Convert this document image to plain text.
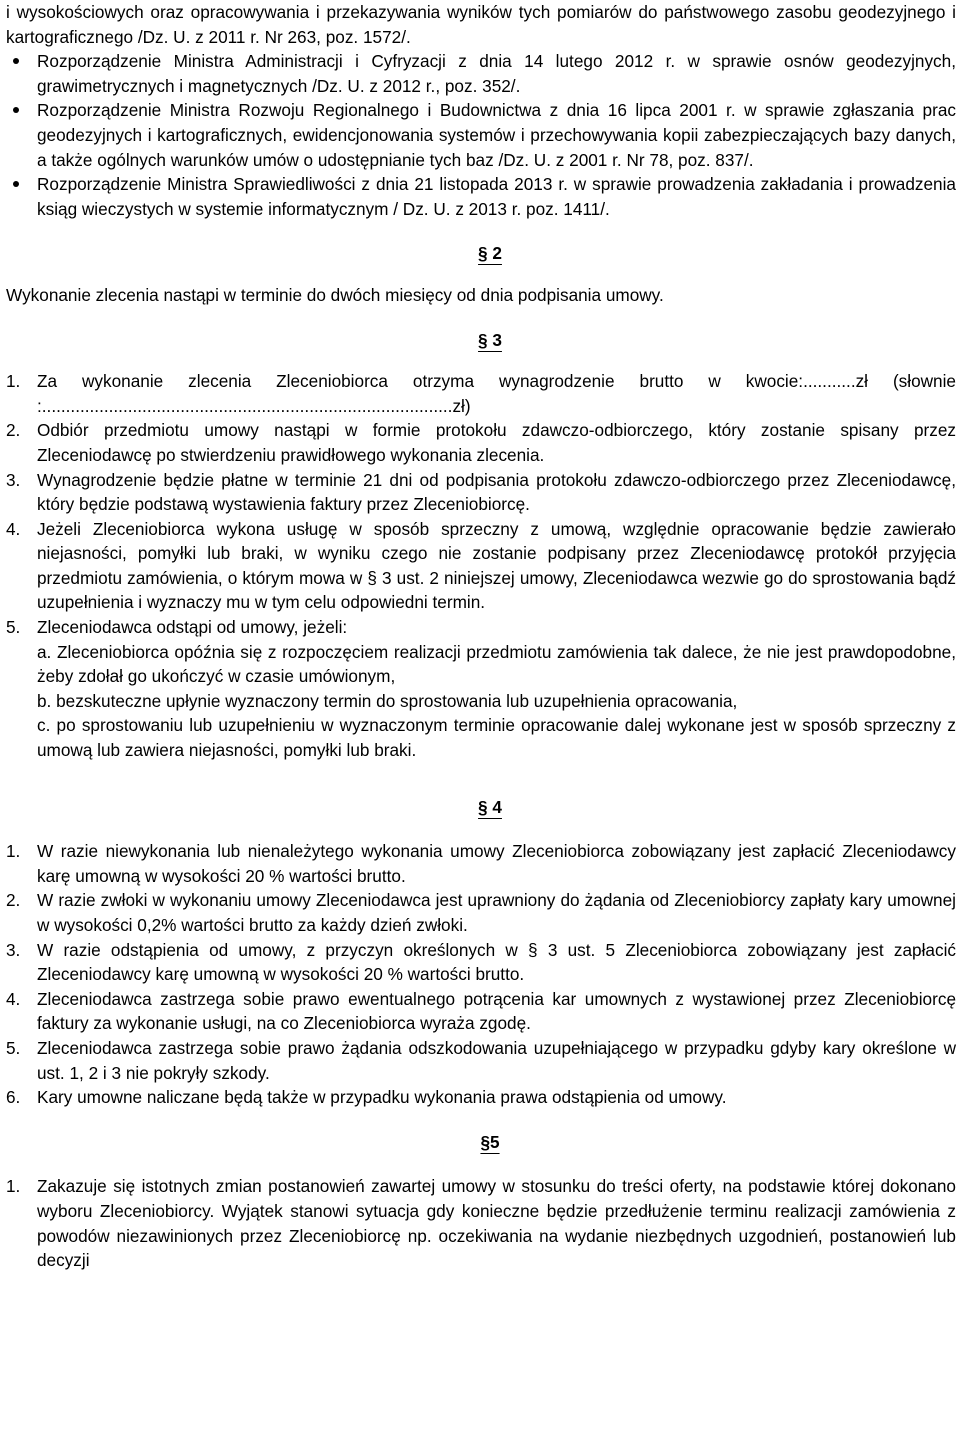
i wysokościowych oraz opracowywania i przekazywania wyników tych pomiarów do państwowego zasobu geodezyjnego i kartograficznego /Dz. U. z 2011 r. Nr 263, poz. 1572/.

Rozporządzenie Ministra Administracji i Cyfryzacji z dnia 14 lutego 2012 r. w sprawie osnów geodezyjnych, grawimetrycznych i magnetycznych /Dz. U. z 2012 r., poz. 352/.
Rozporządzenie Ministra Rozwoju Regionalnego i Budownictwa z dnia 16 lipca 2001 r. w sprawie zgłaszania prac geodezyjnych i kartograficznych, ewidencjonowania systemów i przechowywania kopii zabezpieczających bazy danych, a także ogólnych warunków umów o udostępnianie tych baz /Dz. U. z 2001 r. Nr 78, poz. 837/.
Rozporządzenie Ministra Sprawiedliwości z dnia 21 listopada 2013 r. w sprawie prowadzenia zakładania i prowadzenia ksiąg wieczystych w systemie informatycznym / Dz. U. z 2013 r. poz. 1411/.
§ 2

Wykonanie zlecenia nastąpi w terminie do dwóch miesięcy od dnia podpisania umowy.

§ 3
1. Za wykonanie zlecenia Zleceniobiorca otrzyma wynagrodzenie brutto w kwocie:...........zł (słownie :......................................................................................zł)
2. Odbiór przedmiotu umowy nastąpi w formie protokołu zdawczo-odbiorczego, który zostanie spisany przez Zleceniodawcę po stwierdzeniu prawidłowego wykonania zlecenia.
3. Wynagrodzenie będzie płatne w terminie 21 dni od podpisania protokołu zdawczo-odbiorczego przez Zleceniodawcę, który będzie podstawą wystawienia faktury przez Zleceniobiorcę.
4. Jeżeli Zleceniobiorca wykona usługę w sposób sprzeczny z umową, względnie opracowanie będzie zawierało niejasności, pomyłki lub braki, w wyniku czego nie zostanie podpisany przez Zleceniodawcę protokół przyjęcia przedmiotu zamówienia, o którym mowa w § 3 ust. 2 niniejszej umowy, Zleceniodawca wezwie go do sprostowania bądź uzupełnienia i wyznaczy mu w tym celu odpowiedni termin.
5. Zleceniodawca odstąpi od umowy, jeżeli:
a. Zleceniobiorca opóźnia się z rozpoczęciem realizacji przedmiotu zamówienia tak dalece, że nie jest prawdopodobne, żeby zdołał go ukończyć w czasie umówionym,
b. bezskuteczne upłynie wyznaczony termin do sprostowania lub uzupełnienia opracowania,
c. po sprostowaniu lub uzupełnieniu w wyznaczonym terminie opracowanie dalej wykonane jest w sposób sprzeczny z umową lub zawiera niejasności, pomyłki lub braki.
§ 4
1. W razie niewykonania lub nienależytego wykonania umowy Zleceniobiorca zobowiązany jest zapłacić Zleceniodawcy karę umowną w wysokości 20 % wartości brutto.
2. W razie zwłoki w wykonaniu umowy Zleceniodawca jest uprawniony do żądania od Zleceniobiorcy zapłaty kary umownej w wysokości 0,2% wartości brutto za każdy dzień zwłoki.
3. W razie odstąpienia od umowy, z przyczyn określonych w § 3 ust. 5 Zleceniobiorca zobowiązany jest zapłacić Zleceniodawcy karę umowną w wysokości 20 % wartości brutto.
4. Zleceniodawca zastrzega sobie prawo ewentualnego potrącenia kar umownych z wystawionej przez Zleceniobiorcę faktury za wykonanie usługi, na co Zleceniobiorca wyraża zgodę.
5. Zleceniodawca zastrzega sobie prawo żądania odszkodowania uzupełniającego w przypadku gdyby kary określone w ust. 1, 2 i 3 nie pokryły szkody.
6. Kary umowne naliczane będą także w przypadku wykonania prawa odstąpienia od umowy.
§5
1. Zakazuje się istotnych zmian postanowień zawartej umowy w stosunku do treści oferty, na podstawie której dokonano wyboru Zleceniobiorcy. Wyjątek stanowi sytuacja gdy konieczne będzie przedłużenie terminu realizacji zamówienia z powodów niezawinionych przez Zleceniobiorcę np. oczekiwania na wydanie niezbędnych uzgodnień, postanowień lub decyzji
